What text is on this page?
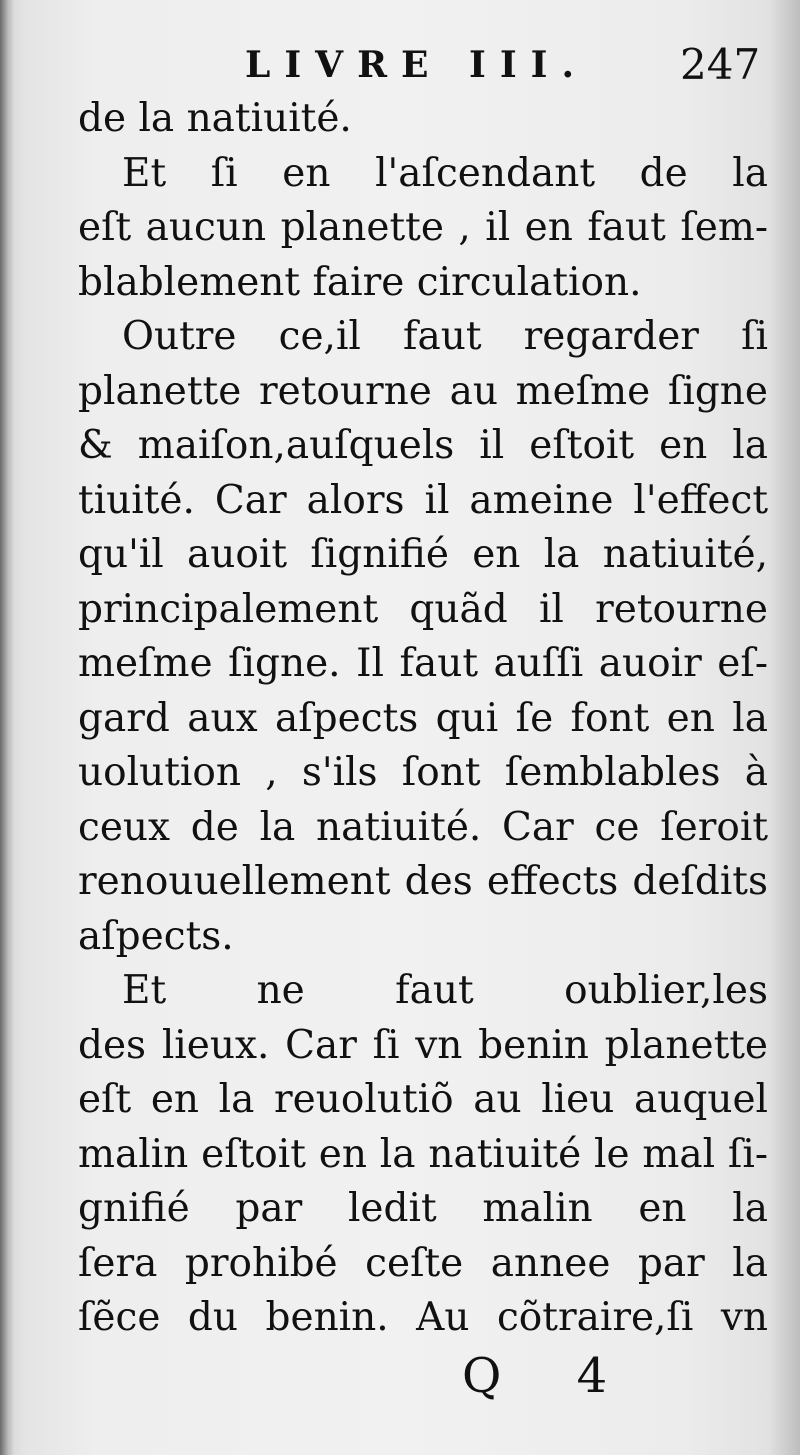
LIVRE III. 247
de la natiuité.
Et ſi en l'aſcendant de la
eſt aucun planette , il en faut ſem-
blablement faire circulation.
Outre ce,il faut regarder ſi
planette retourne au meſme ſigne
& maiſon,auſquels il eſtoit en la
tiuité. Car alors il ameine l'effect
qu'il auoit ſignifié en la natiuité,
principalement quãd il retourne
meſme ſigne. Il faut auſſi auoir eſ-
gard aux aſpects qui ſe font en la
uolution , s'ils ſont ſemblables à
ceux de la natiuité. Car ce ſeroit
renouuellement des effects deſdits
aſpects.
Et ne faut oublier,les
des lieux. Car ſi vn benin planette
eſt en la reuolutiõ au lieu auquel
malin eſtoit en la natiuité le mal ſi-
gnifié par ledit malin en la
ſera prohibé ceſte annee par la
ſẽce du benin. Au cõtraire,ſi vn
Q 4
